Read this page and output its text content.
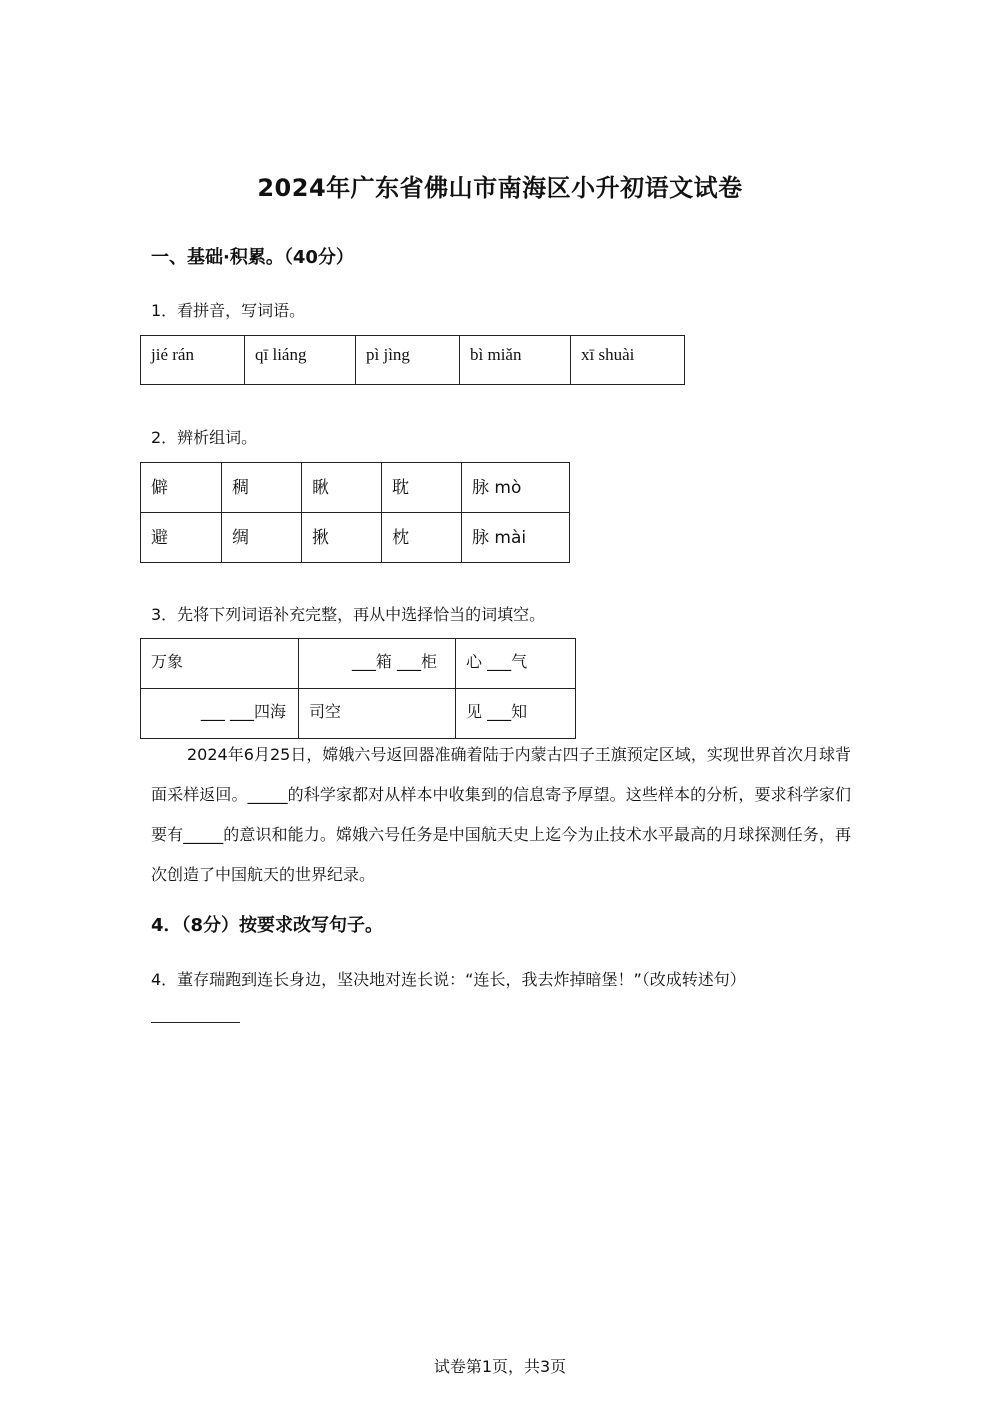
2024年广东省佛山市南海区小升初语文试卷
一、基础·积累。（40分）
1．看拼音，写词语。
jié rán	qī liáng	pì jìng	bì miǎn	xī shuài
2．辨析组词。
僻	稠	瞅	耽	脉 mò
避	绸	揪	枕	脉 mài
3．先将下列词语补充完整，再从中选择恰当的词填空。
万象	___箱 ___柜	心 ___气
___ ___四海	司空	见 ___知
2024年6月25日，嫦娥六号返回器准确着陆于内蒙古四子王旗预定区域，实现世界首次月球背面采样返回。_____的科学家都对从样本中收集到的信息寄予厚望。这些样本的分析，要求科学家们要有_____的意识和能力。嫦娥六号任务是中国航天史上迄今为止技术水平最高的月球探测任务，再次创造了中国航天的世界纪录。
4．（8分）按要求改写句子。
4．董存瑞跑到连长身边，坚决地对连长说：“连长，我去炸掉暗堡！”（改成转述句）
试卷第1页，共3页
